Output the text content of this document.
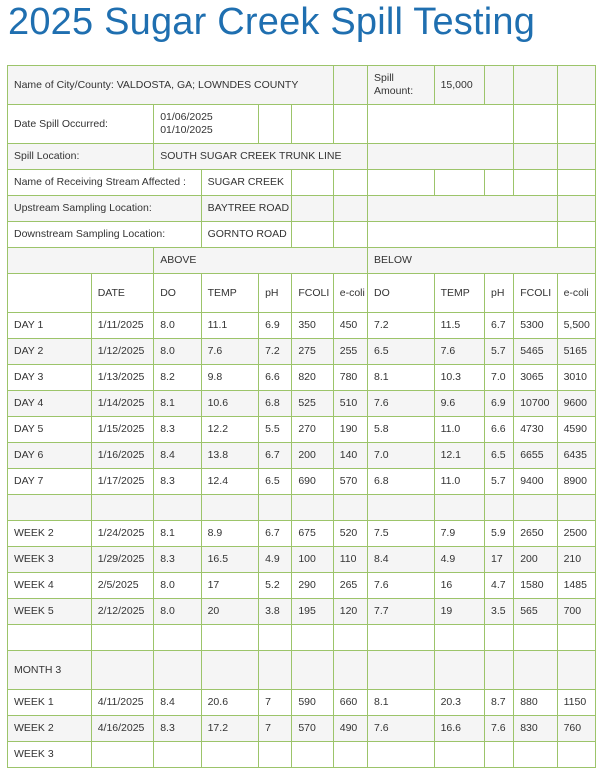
2025 Sugar Creek Spill Testing
Name of City/County: VALDOSTA, GA; LOWNDES COUNTY							Spill Amount:	15,000			
Date Spill Occurred:		01/06/2025
01/10/2025									
Spill Location:		SOUTH SUGAR CREEK TRUNK LINE									
Name of Receiving Stream Affected :			SUGAR CREEK								
Upstream Sampling Location:			BAYTREE ROAD								
Downstream Sampling Location:			GORNTO ROAD								
		ABOVE					BELOW				
	DATE	DO	TEMP	pH	FCOLI	e-coli	DO	TEMP	pH	FCOLI	e-coli
DAY 1	1/11/2025	8.0	11.1	6.9	350	450	7.2	11.5	6.7	5300	5,500
DAY 2	1/12/2025	8.0	7.6	7.2	275	255	6.5	7.6	5.7	5465	5165
DAY 3	1/13/2025	8.2	9.8	6.6	820	780	8.1	10.3	7.0	3065	3010
DAY 4	1/14/2025	8.1	10.6	6.8	525	510	7.6	9.6	6.9	10700	9600
DAY 5	1/15/2025	8.3	12.2	5.5	270	190	5.8	11.0	6.6	4730	4590
DAY 6	1/16/2025	8.4	13.8	6.7	200	140	7.0	12.1	6.5	6655	6435
DAY 7	1/17/2025	8.3	12.4	6.5	690	570	6.8	11.0	5.7	9400	8900

WEEK 2	1/24/2025	8.1	8.9	6.7	675	520	7.5	7.9	5.9	2650	2500
WEEK 3	1/29/2025	8.3	16.5	4.9	100	110	8.4	4.9	17	200	210
WEEK 4	2/5/2025	8.0	17	5.2	290	265	7.6	16	4.7	1580	1485
WEEK 5	2/12/2025	8.0	20	3.8	195	120	7.7	19	3.5	565	700

MONTH 3											
WEEK 1	4/11/2025	8.4	20.6	7	590	660	8.1	20.3	8.7	880	1150
WEEK 2	4/16/2025	8.3	17.2	7	570	490	7.6	16.6	7.6	830	760
WEEK 3											
